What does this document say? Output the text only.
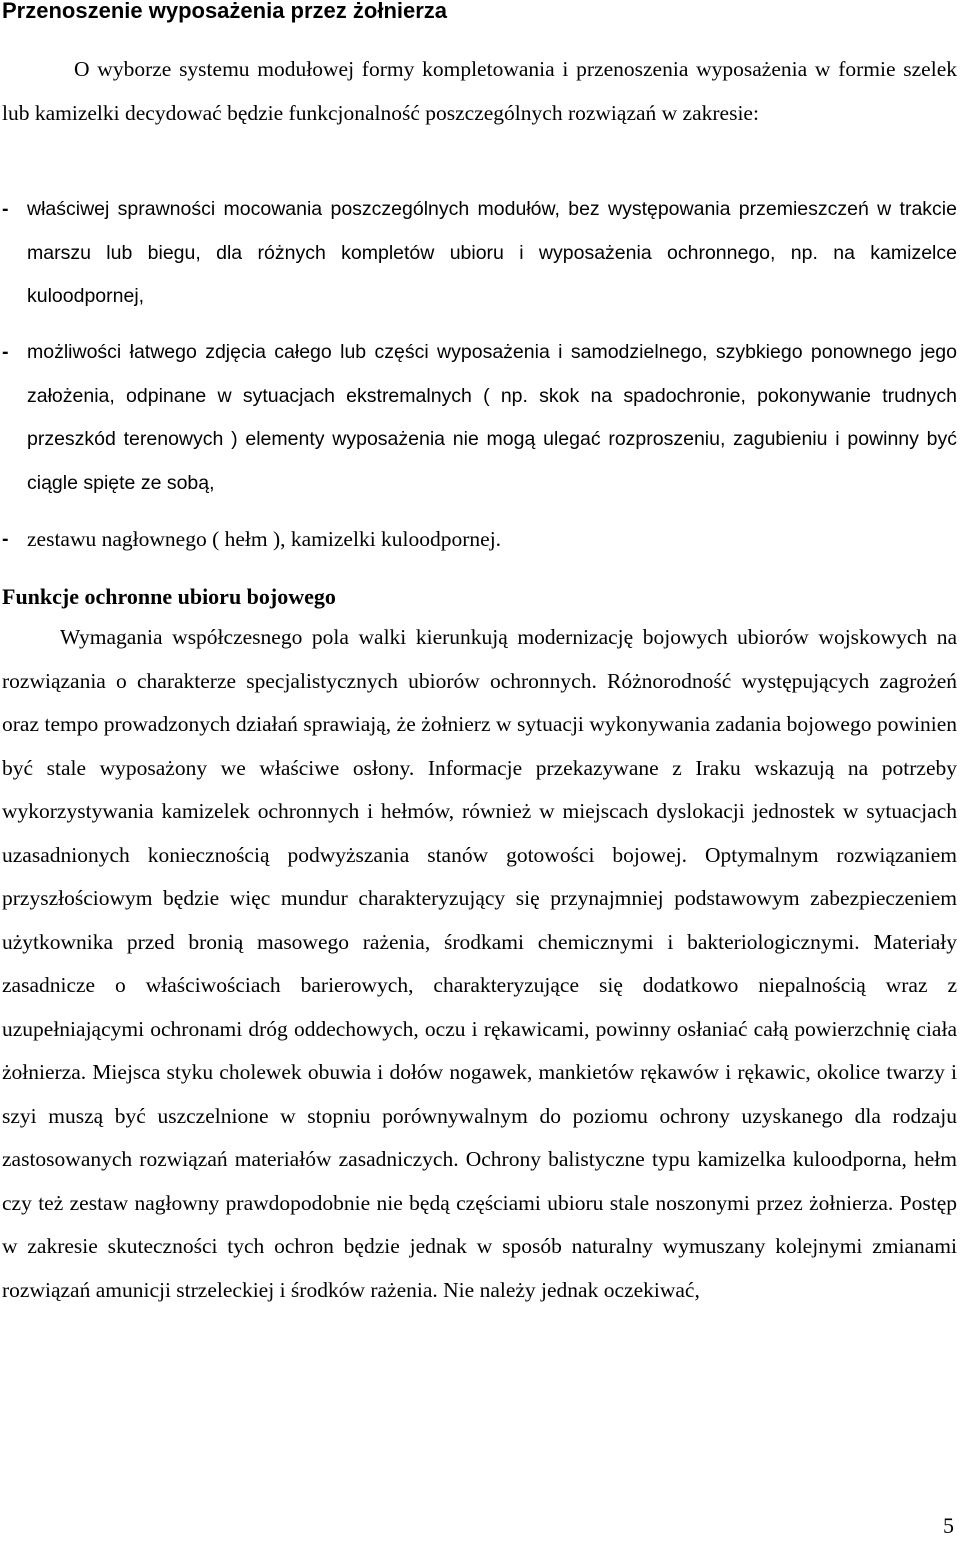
Przenoszenie wyposażenia przez żołnierza

O wyborze systemu modułowej formy kompletowania i przenoszenia wyposażenia w formie szelek lub kamizelki decydować będzie funkcjonalność poszczególnych rozwiązań w zakresie:

- właściwej sprawności mocowania poszczególnych modułów, bez występowania przemieszczeń w trakcie marszu lub biegu, dla różnych kompletów ubioru i wyposażenia ochronnego, np. na kamizelce kuloodpornej,

- możliwości łatwego zdjęcia całego lub części wyposażenia i samodzielnego, szybkiego ponownego jego założenia, odpinane w sytuacjach ekstremalnych ( np. skok na spadochronie, pokonywanie trudnych przeszkód terenowych ) elementy wyposażenia nie mogą ulegać rozproszeniu, zagubieniu i powinny być ciągle spięte ze sobą,

- zestawu nagłownego ( hełm ), kamizelki kuloodpornej.

Funkcje ochronne ubioru bojowego

Wymagania współczesnego pola walki kierunkują modernizację bojowych ubiorów wojskowych na rozwiązania o charakterze specjalistycznych ubiorów ochronnych. Różnorodność występujących zagrożeń oraz tempo prowadzonych działań sprawiają, że żołnierz w sytuacji wykonywania zadania bojowego powinien być stale wyposażony we właściwe osłony. Informacje przekazywane z Iraku wskazują na potrzeby wykorzystywania kamizelek ochronnych i hełmów, również w miejscach dyslokacji jednostek w sytuacjach uzasadnionych koniecznością podwyższania stanów gotowości bojowej. Optymalnym rozwiązaniem przyszłościowym będzie więc mundur charakteryzujący się przynajmniej podstawowym zabezpieczeniem użytkownika przed bronią masowego rażenia, środkami chemicznymi i bakteriologicznymi. Materiały zasadnicze o właściwościach barierowych, charakteryzujące się dodatkowo niepalnością wraz z uzupełniającymi ochronami dróg oddechowych, oczu i rękawicami, powinny osłaniać całą powierzchnię ciała żołnierza. Miejsca styku cholewek obuwia i dołów nogawek, mankietów rękawów i rękawic, okolice twarzy i szyi muszą być uszczelnione w stopniu porównywalnym do poziomu ochrony uzyskanego dla rodzaju zastosowanych rozwiązań materiałów zasadniczych. Ochrony balistyczne typu kamizelka kuloodporna, hełm czy też zestaw nagłowny prawdopodobnie nie będą częściami ubioru stale noszonymi przez żołnierza. Postęp w zakresie skuteczności tych ochron będzie jednak w sposób naturalny wymuszany kolejnymi zmianami rozwiązań amunicji strzeleckiej i środków rażenia. Nie należy jednak oczekiwać,

5
